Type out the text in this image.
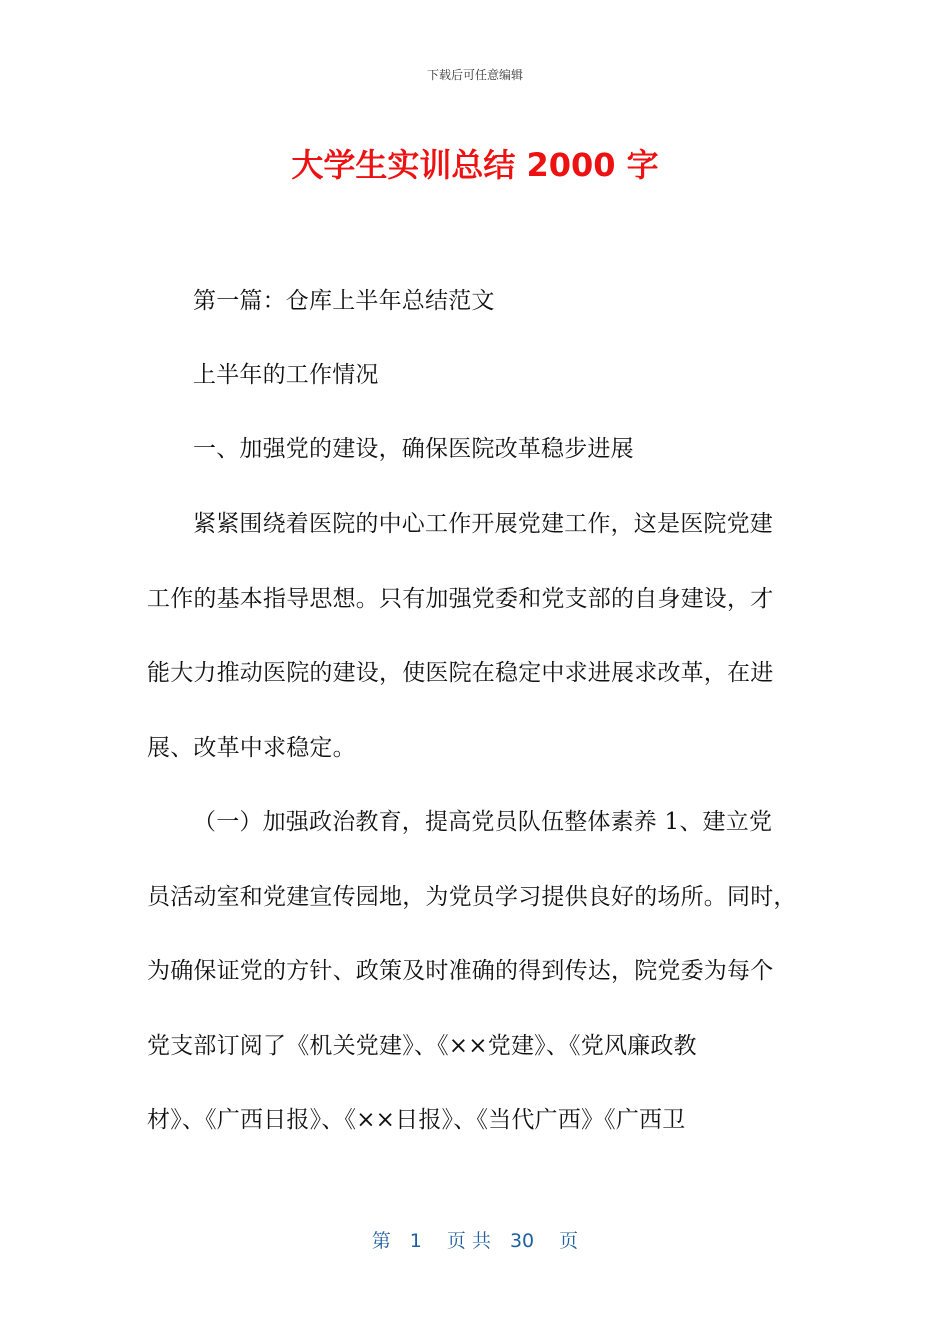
下载后可任意编辑
大学生实训总结 2000 字
第一篇：仓库上半年总结范文
上半年的工作情况
一、加强党的建设，确保医院改革稳步进展
紧紧围绕着医院的中心工作开展党建工作，这是医院党建
工作的基本指导思想。只有加强党委和党支部的自身建设，才
能大力推动医院的建设，使医院在稳定中求进展求改革，在进
展、改革中求稳定。
（一）加强政治教育，提高党员队伍整体素养 1、建立党
员活动室和党建宣传园地，为党员学习提供良好的场所。同时，
为确保证党的方针、政策及时准确的得到传达，院党委为每个
党支部订阅了《机关党建》、《××党建》、《党风廉政教
材》、《广西日报》、《××日报》、《当代广西》《广西卫
第　1　 页 共　30　 页
